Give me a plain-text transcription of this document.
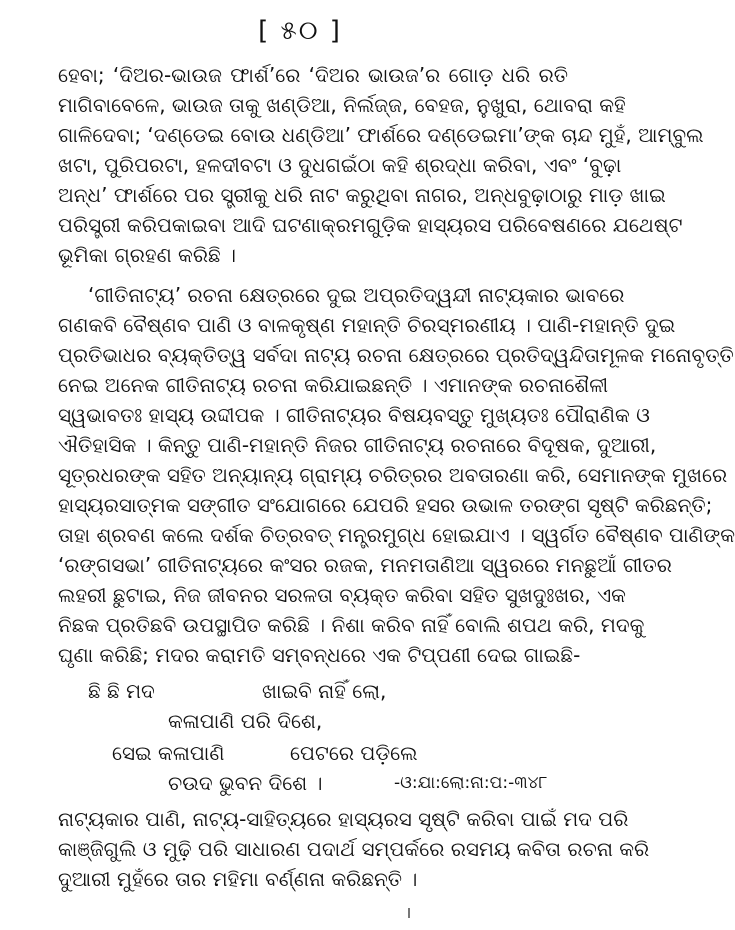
[ ୫୦ ]
ହେବା; ‘ଦିଅର-ଭାଉଜ ଫାର୍ଶ’ରେ ‘ଦିଅର ଭାଉଜ’ର ଗୋଡ଼ ଧରି ରତି
ମାଗିବାବେଳେ, ଭାଉଜ ତାକୁ ଖଣ୍ଡିଆ, ନିର୍ଲଜ୍ଜ, ବେହଜ, ନୁଖୁରା, ଥୋବରା କହି
ଗାଳିଦେବା; ‘ଦଣ୍ଡେଇ ବୋଉ ଧଣ୍ଡିଆ’ ଫାର୍ଶରେ ଦଣ୍ଡେଇମା’ଙ୍କ ଚାନ୍ଦ ମୁହଁ, ଆମ୍ବୁଲ
ଖଟା, ପୁରିପରଟା, ହଳଦୀବଟା ଓ ଦୁଧଗଇଁଠା କହି ଶ୍ରଦ୍ଧା କରିବା, ଏବଂ ‘ବୁଢ଼ା
ଅନ୍ଧ’ ଫାର୍ଶରେ ପର ସ୍ତ୍ରୀକୁ ଧରି ନାଟ କରୁଥିବା ନାଗର, ଅନ୍ଧବୁଢ଼ାଠାରୁ ମାଡ଼ ଖାଇ
ପରିସ୍ତ୍ରୀ କରିପକାଇବା ଆଦି ଘଟଣାକ୍ରମଗୁଡ଼ିକ ହାସ୍ୟରସ ପରିବେଷଣରେ ଯଥେଷ୍ଟ
ଭୂମିକା ଗ୍ରହଣ କରିଛି ।
‘ଗୀତିନାଟ୍ୟ’ ରଚନା କ୍ଷେତ୍ରରେ ଦୁଇ ଅପ୍ରତିଦ୍ୱନ୍ଦୀ ନାଟ୍ୟକାର ଭାବରେ
ଗଣକବି ବୈଷ୍ଣବ ପାଣି ଓ ବାଳକୃଷ୍ଣ ମହାନ୍ତି ଚିରସ୍ମରଣୀୟ । ପାଣି-ମହାନ୍ତି ଦୁଇ
ପ୍ରତିଭାଧର ବ୍ୟକ୍ତିତ୍ୱ ସର୍ବଦା ନାଟ୍ୟ ରଚନା କ୍ଷେତ୍ରରେ ପ୍ରତିଦ୍ୱନ୍ଦିତାମୂଳକ ମନୋବୃତ୍ତି
ନେଇ ଅନେକ ଗୀତିନାଟ୍ୟ ରଚନା କରିଯାଇଛନ୍ତି । ଏମାନଙ୍କ ରଚନାଶୈଳୀ
ସ୍ୱଭାବତଃ ହାସ୍ୟ ଉଦ୍ଦୀପକ । ଗୀତିନାଟ୍ୟର ବିଷୟବସ୍ତୁ ମୁଖ୍ୟତଃ ପୌରାଣିକ ଓ
ଐତିହାସିକ । କିନ୍ତୁ ପାଣି-ମହାନ୍ତି ନିଜର ଗୀତିନାଟ୍ୟ ରଚନାରେ ବିଦୂଷକ, ଦୁଆରୀ,
ସୂତ୍ରଧରଙ୍କ ସହିତ ଅନ୍ୟାନ୍ୟ ଗ୍ରାମ୍ୟ ଚରିତ୍ରର ଅବତାରଣା କରି, ସେମାନଙ୍କ ମୁଖରେ
ହାସ୍ୟରସାତ୍ମକ ସଙ୍ଗୀତ ସଂଯୋଗରେ ଯେପରି ହସର ଉଭାଳ ତରଙ୍ଗ ସୃଷ୍ଟି କରିଛନ୍ତି;
ତାହା ଶ୍ରବଣ କଲେ ଦର୍ଶକ ଚିତ୍ରବତ୍ ମନ୍ତ୍ରମୁଗ୍ଧ ହୋଇଯାଏ । ସ୍ୱର୍ଗତ ବୈଷ୍ଣବ ପାଣିଙ୍କ
‘ରଙ୍ଗସଭା’ ଗୀତିନାଟ୍ୟରେ କଂସର ରଜକ, ମନମତାଣିଆ ସ୍ୱରରେ ମନଛୁଆଁ ଗୀତର
ଲହରୀ ଛୁଟାଇ, ନିଜ ଜୀବନର ସରଳତା ବ୍ୟକ୍ତ କରିବା ସହିତ ସୁଖଦୁଃଖର, ଏକ
ନିଛକ ପ୍ରତିଛବି ଉପସ୍ଥାପିତ କରିଛି । ନିଶା କରିବ ନାହିଁ ବୋଲି ଶପଥ କରି, ମଦକୁ
ଘୃଣା କରିଛି; ମଦର କରାମତି ସମ୍ବନ୍ଧରେ ଏକ ଟିପ୍ପଣୀ ଦେଇ ଗାଇଛି-
ଛି ଛି ମଦ	ଖାଇବି ନାହିଁ ଲୋ,
କଳାପାଣି ପରି ଦିଶେ,
ସେଇ କଳାପାଣି	ପେଟରେ ପଡ଼ିଲେ
ଚଉଦ ଭୁବନ ଦିଶେ ।	-ଓ:ଯା:ଲୋ:ନା:ପ:-୩୪୮
ନାଟ୍ୟକାର ପାଣି, ନାଟ୍ୟ-ସାହିତ୍ୟରେ ହାସ୍ୟରସ ସୃଷ୍ଟି କରିବା ପାଇଁ ମଦ ପରି
କାଞ୍ଜିଗୁଲି ଓ ମୁଢ଼ି ପରି ସାଧାରଣ ପଦାର୍ଥ ସମ୍ପର୍କରେ ରସମୟ କବିତା ରଚନା କରି
ଦୁଆରୀ ମୁହଁରେ ତାର ମହିମା ବର୍ଣ୍ଣନା କରିଛନ୍ତି ।
